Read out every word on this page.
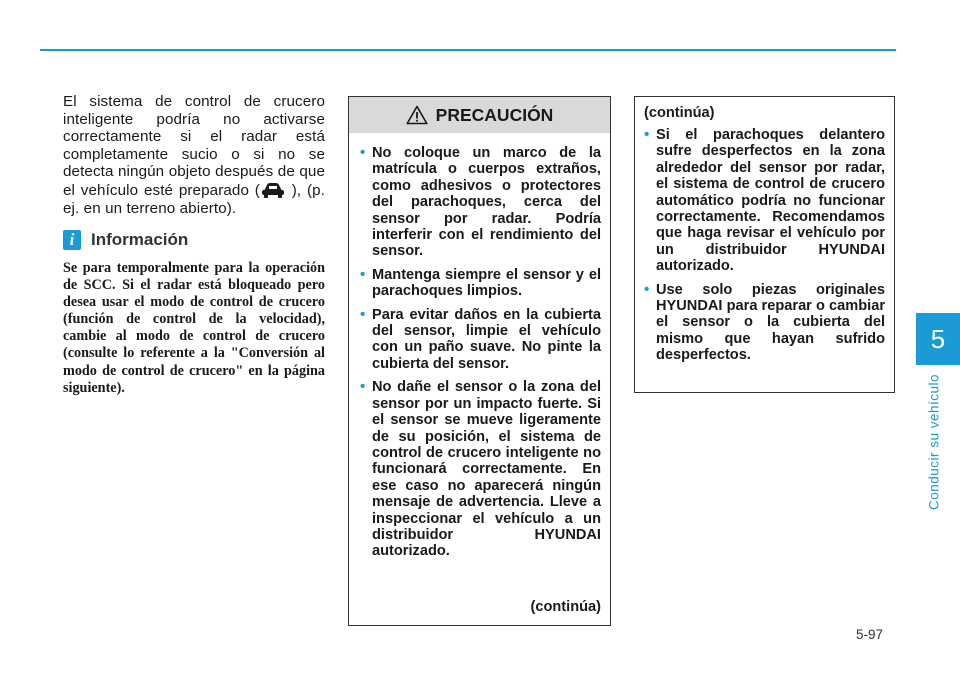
5
Conducir su vehículo

El sistema de control de crucero inteligente podría no activarse correctamente si el radar está completamente sucio o si no se detecta ningún objeto después de que el vehículo esté preparado ( ), (p. ej. en un terreno abierto).

i Información

Se para temporalmente para la operación de SCC. Si el radar está bloqueado pero desea usar el modo de control de crucero (función de control de la velocidad), cambie al modo de control de crucero (consulte lo referente a la "Conversión al modo de control de crucero" en la página siguiente).

PRECAUCIÓN
• No coloque un marco de la matrícula o cuerpos extraños, como adhesivos o protectores del parachoques, cerca del sensor por radar. Podría interferir con el rendimiento del sensor.
• Mantenga siempre el sensor y el parachoques limpios.
• Para evitar daños en la cubierta del sensor, limpie el vehículo con un paño suave. No pinte la cubierta del sensor.
• No dañe el sensor o la zona del sensor por un impacto fuerte. Si el sensor se mueve ligeramente de su posición, el sistema de control de crucero inteligente no funcionará correctamente. En ese caso no aparecerá ningún mensaje de advertencia. Lleve a inspeccionar el vehículo a un distribuidor HYUNDAI autorizado.
(continúa)
(continúa)
• Si el parachoques delantero sufre desperfectos en la zona alrededor del sensor por radar, el sistema de control de crucero automático podría no funcionar correctamente. Recomendamos que haga revisar el vehículo por un distribuidor HYUNDAI autorizado.
• Use solo piezas originales HYUNDAI para reparar o cambiar el sensor o la cubierta del mismo que hayan sufrido desperfectos.
5-97
